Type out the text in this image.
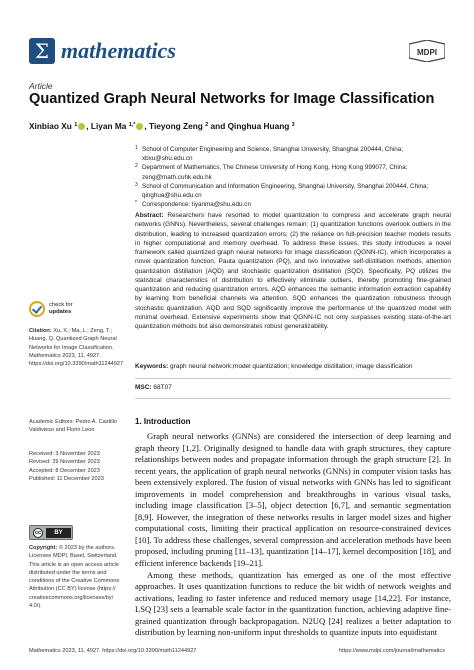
Σ mathematics	MDPI
Article
Quantized Graph Neural Networks for Image Classification
Xinbiao Xu $^1$ , Liyan Ma $^{1,*}$ , Tieyong Zeng $^2$ and Qinghua Huang $^3$
1 School of Computer Engineering and Science, Shanghai University, Shanghai 200444, China; xbxu@shu.edu.cn
2 Department of Mathematics, The Chinese University of Hong Kong, Hong Kong 999077, China; zeng@math.cuhk.edu.hk
3 School of Communication and Information Engineering, Shanghai University, Shanghai 200444, China; qinghua@shu.edu.cn
* Correspondence: liyanma@shu.edu.cn
Abstract: Researchers have resorted to model quantization to compress and accelerate graph neural networks (GNNs). Nevertheless, several challenges remain: (1) quantization functions overlook outliers in the distribution, leading to increased quantization errors; (2) the reliance on full-precision teacher models results in higher computational and memory overhead. To address these issues, this study introduces a novel framework called quantized graph neural networks for image classification (QGNN-IC), which incorporates a novel quantization function, Pauta quantization (PQ), and two innovative self-distillation methods, attention quantization distillation (AQD) and stochastic quantization distillation (SQD). Specifically, PQ utilizes the statistical characteristics of distribution to effectively eliminate outliers, thereby promoting fine-grained quantization and reducing quantization errors. AQD enhances the semantic information extraction capability by learning from beneficial channels via attention. SQD enhances the quantization robustness through stochastic quantization. AQD and SQD significantly improve the performance of the quantized model with minimal overhead. Extensive experiments show that QGNN-IC not only surpasses existing state-of-the-art quantization methods but also demonstrates robust generalizability.
Keywords: graph neural network;model quantization; knowledge distillation; image classification
MSC: 68T07
check for
updates
Citation: Xu, X.; Ma, L.; Zeng, T.; Huang, Q. Quantized Graph Neural Networks for Image Classification. Mathematics 2023, 11, 4927. https://doi.org/10.3390/math11244927
Academic Editors: Pedro A. Castillo Valdivieso and Florin Leon
Received: 3 November 2023
Revised: 29 November 2023
Accepted: 8 December 2023
Published: 11 December 2023
cc	BY
Copyright: © 2023 by the authors. Licensee MDPI, Basel, Switzerland. This article is an open access article distributed under the terms and conditions of the Creative Commons Attribution (CC BY) license (https:// creativecommons.org/licenses/by/ 4.0/).
1. Introduction

Graph neural networks (GNNs) are considered the intersection of deep learning and graph theory [1,2]. Originally designed to handle data with graph structures, they capture relationships between nodes and propagate information through the graph structure [2]. In recent years, the application of graph neural networks (GNNs) in computer vision tasks has been extensively explored. The fusion of visual networks with GNNs has led to significant improvements in model comprehension and breakthroughs in various visual tasks, including image classification [3–5], object detection [6,7], and semantic segmentation [8,9]. However, the integration of these networks results in larger model sizes and higher computational costs, limiting their practical application on resource-constrained devices [10]. To address these challenges, several compression and acceleration methods have been proposed, including pruning [11–13], quantization [14–17], kernel decomposition [18], and efficient inference backends [19–21].

Among these methods, quantization has emerged as one of the most effective approaches. It uses quantization functions to reduce the bit width of network weights and activations, leading to faster inference and reduced memory usage [14,22]. For instance, LSQ [23] sets a learnable scale factor in the quantization function, achieving adaptive fine-grained quantization through backpropagation. N2UQ [24] realizes a better adaptation to distribution by learning non-uniform input thresholds to quantize inputs into equidistant

Mathematics 2023, 11, 4927. https://doi.org/10.3390/math11244927	https://www.mdpi.com/journal/mathematics
